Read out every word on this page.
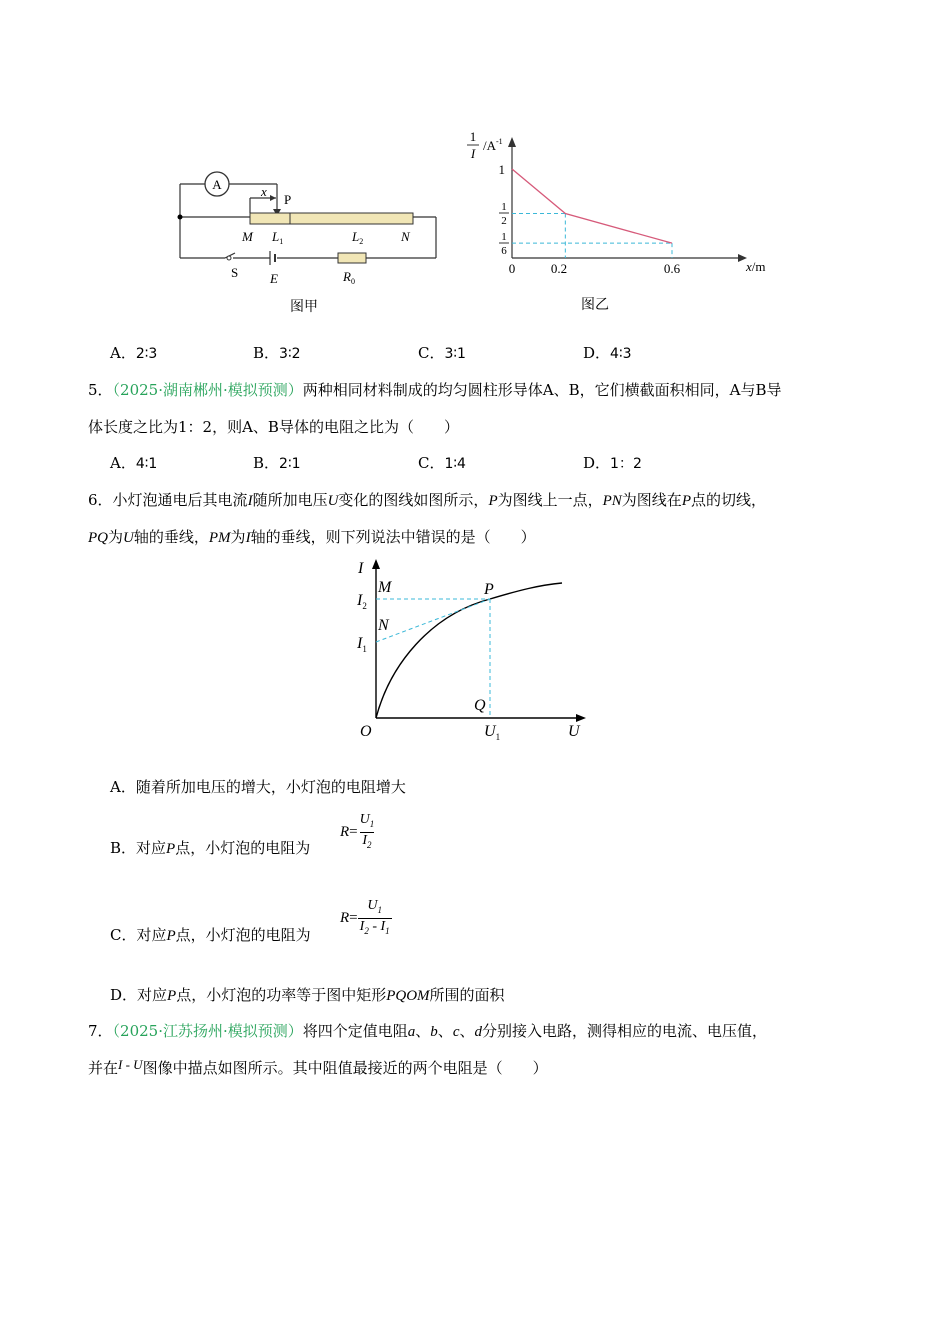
A	x
P
M $L_1$	$L_2$	N
S E	$R_0$
图甲
1
I
$/A^{-1}$
1
1
2
1
6
0	0.2	0.6	x/m
图乙
A．2∶3	B．3∶2	C．3∶1	D．4∶3
5．（2025·湖南郴州·模拟预测）两种相同材料制成的均匀圆柱形导体A、B，它们横截面积相同，A与B导
体长度之比为1：2，则A、B导体的电阻之比为（　　）
A．4∶1	B．2∶1	C．1∶4	D．1：2
6．小灯泡通电后其电流I随所加电压U变化的图线如图所示，P为图线上一点，PN为图线在P点的切线，
PQ为U轴的垂线，PM为I轴的垂线，则下列说法中错误的是（　　）
I
M	P
N
$I_2$
$I_1$
Q
O	$U_1$	U
A．随着所加电压的增大，小灯泡的电阻增大
B．对应P点，小灯泡的电阻为
$R = \frac{U_1}{I_2}$
C．对应P点，小灯泡的电阻为
$R = \frac{U_1}{I_2 - I_1}$
D．对应P点，小灯泡的功率等于图中矩形PQOM所围的面积
7．（2025·江苏扬州·模拟预测）将四个定值电阻a、b、c、d分别接入电路，测得相应的电流、电压值，
并在I - U图像中描点如图所示。其中阻值最接近的两个电阻是（　　）
